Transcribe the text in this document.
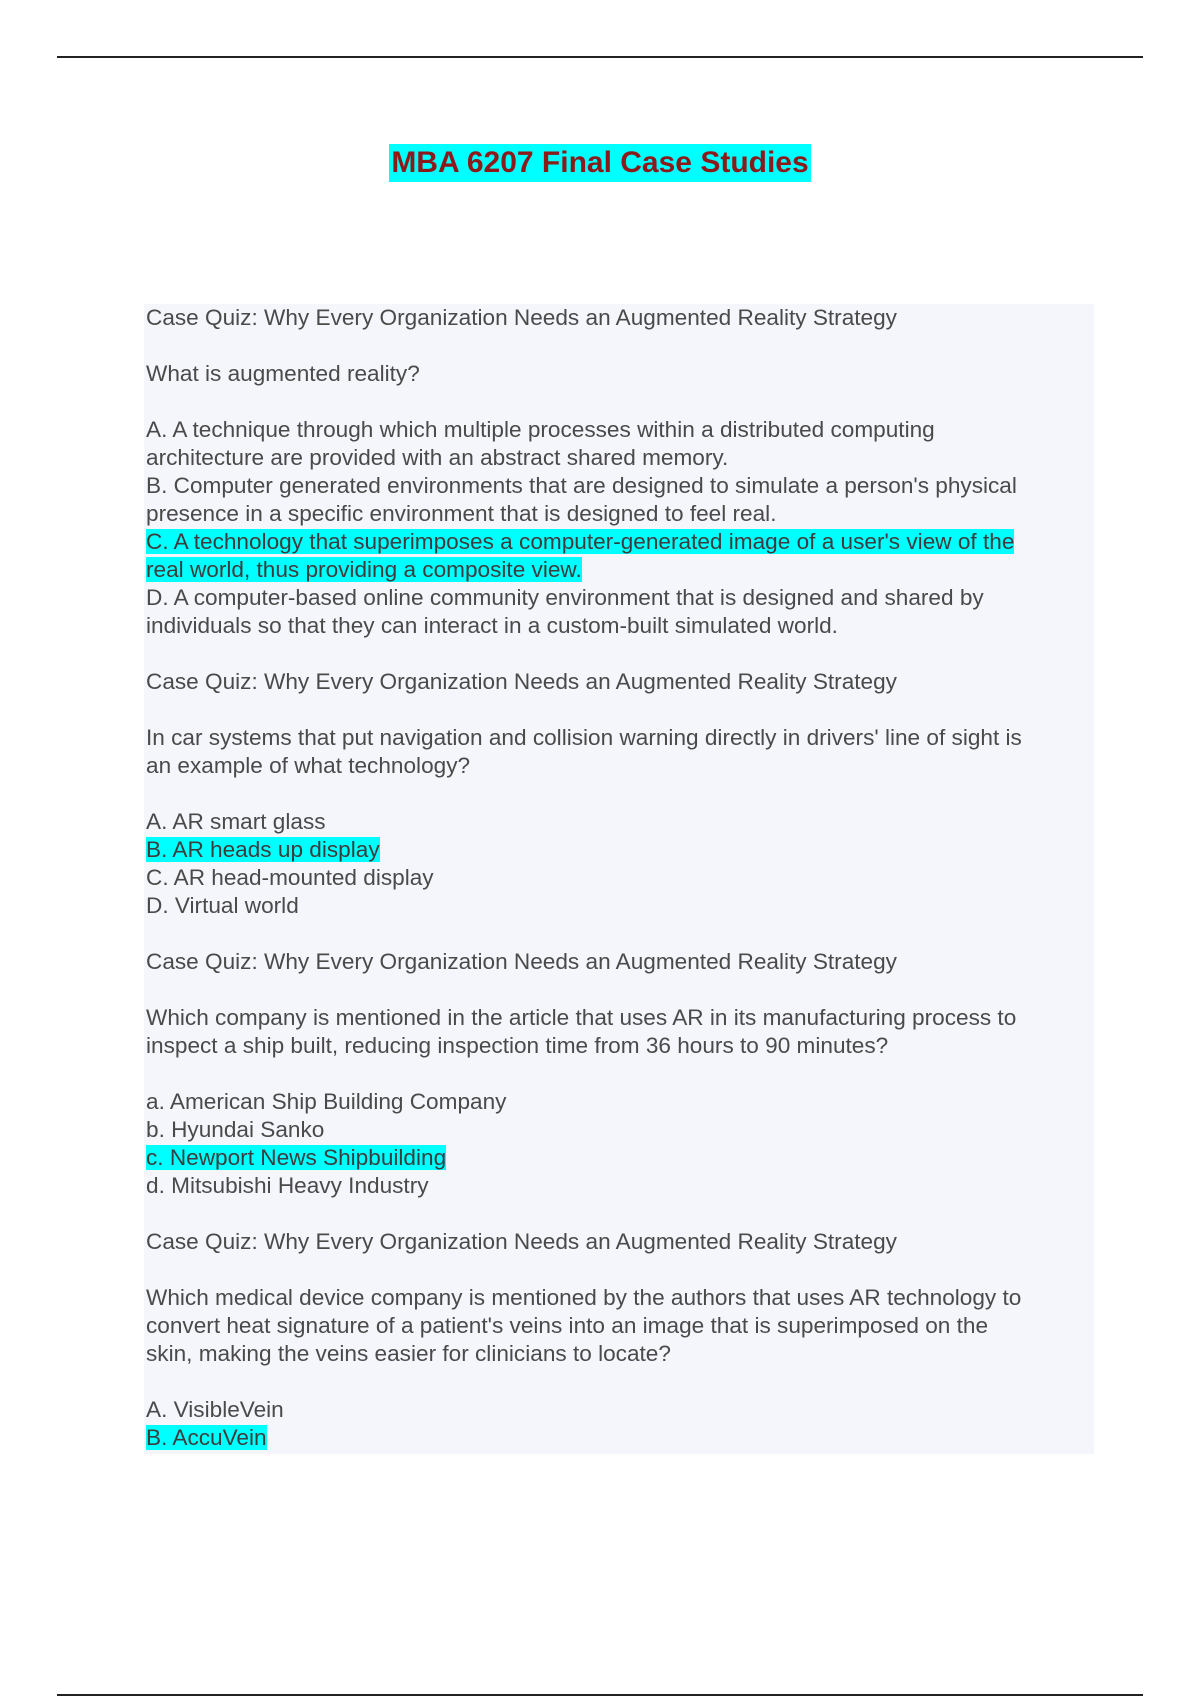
MBA 6207 Final Case Studies
Case Quiz: Why Every Organization Needs an Augmented Reality Strategy
What is augmented reality?
A. A technique through which multiple processes within a distributed computing
architecture are provided with an abstract shared memory.
B. Computer generated environments that are designed to simulate a person's physical
presence in a specific environment that is designed to feel real.
C. A technology that superimposes a computer-generated image of a user's view of the
real world, thus providing a composite view.
D. A computer-based online community environment that is designed and shared by
individuals so that they can interact in a custom-built simulated world.
Case Quiz: Why Every Organization Needs an Augmented Reality Strategy
In car systems that put navigation and collision warning directly in drivers' line of sight is
an example of what technology?
A. AR smart glass
B. AR heads up display
C. AR head-mounted display
D. Virtual world
Case Quiz: Why Every Organization Needs an Augmented Reality Strategy
Which company is mentioned in the article that uses AR in its manufacturing process to
inspect a ship built, reducing inspection time from 36 hours to 90 minutes?
a. American Ship Building Company
b. Hyundai Sanko
c. Newport News Shipbuilding
d. Mitsubishi Heavy Industry
Case Quiz: Why Every Organization Needs an Augmented Reality Strategy
Which medical device company is mentioned by the authors that uses AR technology to
convert heat signature of a patient's veins into an image that is superimposed on the
skin, making the veins easier for clinicians to locate?
A. VisibleVein
B. AccuVein
